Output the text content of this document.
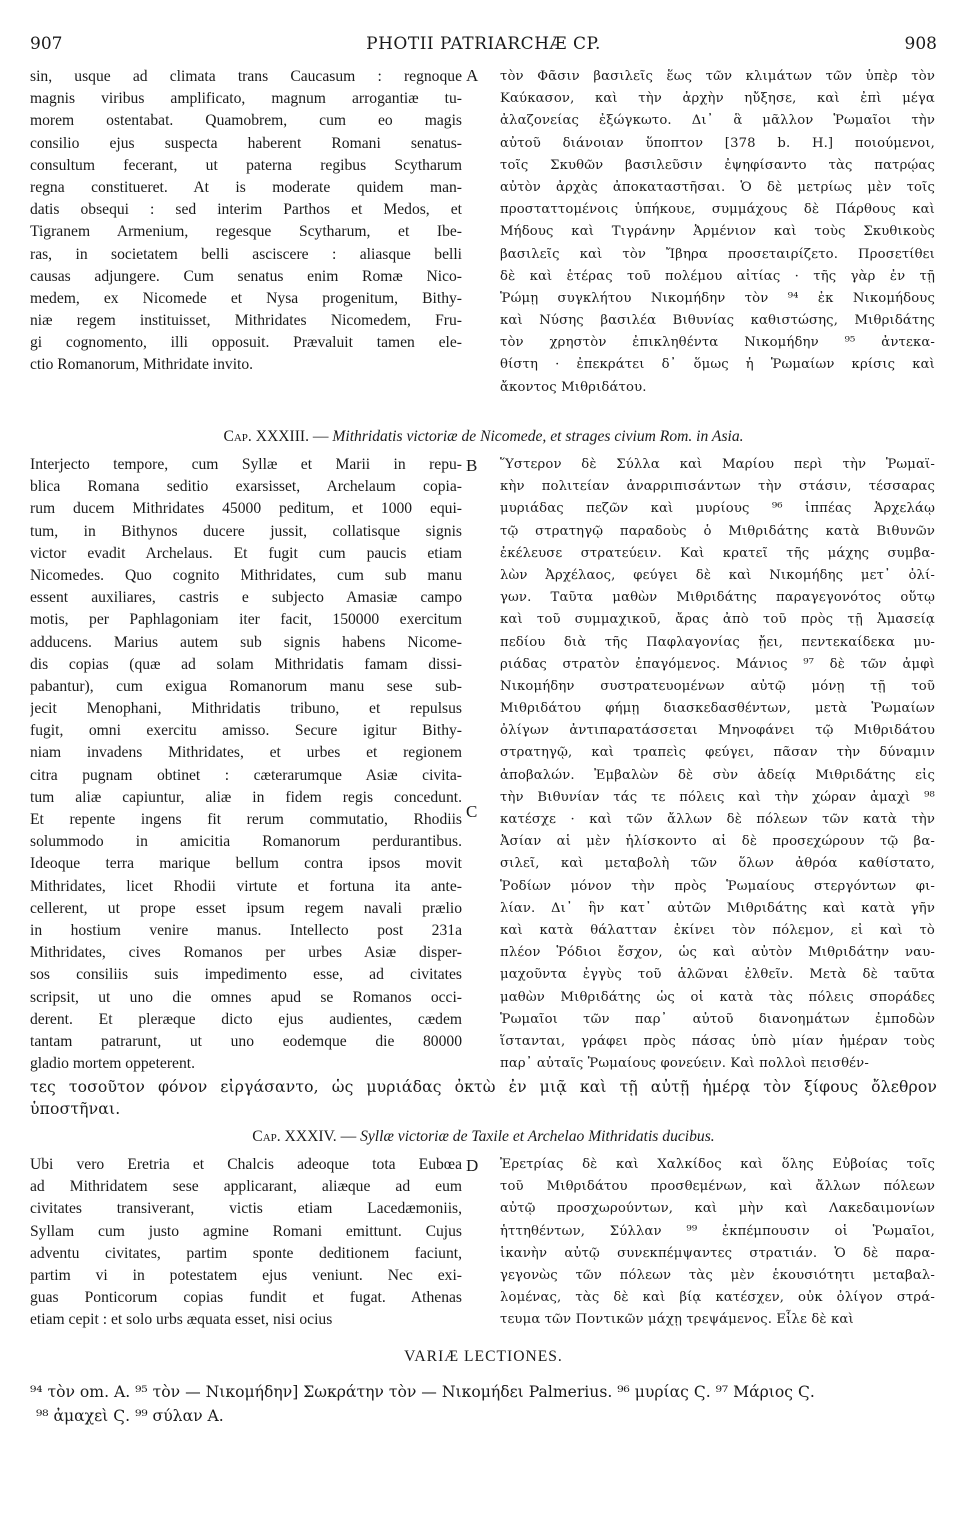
907	PHOTII PATRIARCHÆ CP.	908
sin, usque ad climata trans Caucasum : regnoque
magnis viribus amplificato, magnum arrogantiæ tu-
morem ostentabat. Quamobrem, cum eo magis
consilio ejus suspecta haberent Romani senatus-
consultum fecerant, ut paterna regibus Scytharum
regna constitueret. At is moderate quidem man-
datis obsequi : sed interim Parthos et Medos, et
Tigranem Armenium, regesque Scytharum, et Ibe-
ras, in societatem belli asciscere : aliasque belli
causas adjungere. Cum senatus enim Romæ Nico-
medem, ex Nicomede et Nysa progenitum, Bithy-
niæ regem instituisset, Mithridates Nicomedem, Fru-
gi cognomento, illi opposuit. Prævaluit tamen ele-
ctio Romanorum, Mithridate invito.
τὸν Φᾶσιν βασιλεῖς ἕως τῶν κλιμάτων τῶν ὑπὲρ τὸν
Καύκασον, καὶ τὴν ἀρχὴν ηὔξησε, καὶ ἐπὶ μέγα
ἀλαζονείας ἐξώγκωτο. Δι᾽ ἃ μᾶλλον Ῥωμαῖοι τὴν
αὐτοῦ διάνοιαν ὕποπτον [378 b. H.] ποιούμενοι,
τοῖς Σκυθῶν βασιλεῦσιν ἐψηφίσαντο τὰς πατρῴας
αὐτὸν ἀρχὰς ἀποκαταστῆσαι. Ὁ δὲ μετρίως μὲν τοῖς
προσταττομένοις ὑπήκουε, συμμάχους δὲ Πάρθους καὶ
Μήδους καὶ Τιγράνην Ἀρμένιον καὶ τοὺς Σκυθικοὺς
βασιλεῖς καὶ τὸν Ἴβηρα προσεταιρίζετο. Προσετίθει
δὲ καὶ ἑτέρας τοῦ πολέμου αἰτίας · τῆς γὰρ ἐν τῇ
Ῥώμῃ συγκλήτου Νικομήδην τὸν ⁹⁴ ἐκ Νικομήδους
καὶ Νύσης βασιλέα Βιθυνίας καθιστώσης, Μιθριδάτης
τὸν χρηστὸν ἐπικληθέντα Νικομήδην ⁹⁵ ἀντεκα-
θίστη · ἐπεκράτει δ᾽ ὅμως ἡ Ῥωμαίων κρίσις καὶ
ἄκοντος Μιθριδάτου.
A
Cap. XXXIII. — Mithridatis victoriæ de Nicomede, et strages civium Rom. in Asia.
Interjecto tempore, cum Syllæ et Marii in repu-
blica Romana seditio exarsisset, Archelaum copia-
rum ducem Mithridates 45000 peditum, et 1000 equi-
tum, in Bithynos ducere jussit, collatisque signis
victor evadit Archelaus. Et fugit cum paucis etiam
Nicomedes. Quo cognito Mithridates, cum sub manu
essent auxiliares, castris e subjecto Amasiæ campo
motis, per Paphlagoniam iter facit, 150000 exercitum
adducens. Marius autem sub signis habens Nicome-
dis copias (quæ ad solam Mithridatis famam dissi-
pabantur), cum exigua Romanorum manu sese sub-
jecit Menophani, Mithridatis tribuno, et repulsus
fugit, omni exercitu amisso. Secure igitur Bithy-
niam invadens Mithridates, et urbes et regionem
citra pugnam obtinet : cæterarumque Asiæ civita-
tum aliæ capiuntur, aliæ in fidem regis concedunt.
Et repente ingens fit rerum commutatio, Rhodiis
solummodo in amicitia Romanorum perdurantibus.
Ideoque terra marique bellum contra ipsos movit
Mithridates, licet Rhodii virtute et fortuna ita ante-
cellerent, ut prope esset ipsum regem navali prælio
in hostium venire manus. Intellecto post 231a
Mithridates, cives Romanos per urbes Asiæ disper-
sos consiliis suis impedimento esse, ad civitates
scripsit, ut uno die omnes apud se Romanos occi-
derent. Et pleræque dicto ejus audientes, cædem
tantam patrarunt, ut uno eodemque die 80000
gladio mortem oppeterent.
Ὕστερον δὲ Σύλλα καὶ Μαρίου περὶ τὴν Ῥωμαϊ-
κὴν πολιτείαν ἀναρριπισάντων τὴν στάσιν, τέσσαρας
μυριάδας πεζῶν καὶ μυρίους ⁹⁶ ἱππέας Ἀρχελάῳ
τῷ στρατηγῷ παραδοὺς ὁ Μιθριδάτης κατὰ Βιθυνῶν
ἐκέλευσε στρατεύειν. Καὶ κρατεῖ τῆς μάχης συμβα-
λὼν Ἀρχέλαος, φεύγει δὲ καὶ Νικομήδης μετ᾽ ὀλί-
γων. Ταῦτα μαθὼν Μιθριδάτης παραγεγονότος οὕτῳ
καὶ τοῦ συμμαχικοῦ, ἄρας ἀπὸ τοῦ πρὸς τῇ Ἀμασείᾳ
πεδίου διὰ τῆς Παφλαγονίας ᾔει, πεντεκαίδεκα μυ-
ριάδας στρατὸν ἐπαγόμενος. Μάνιος ⁹⁷ δὲ τῶν ἀμφὶ
Νικομήδην συστρατευομένων αὐτῷ μόνῃ τῇ τοῦ
Μιθριδάτου φήμῃ διασκεδασθέντων, μετὰ Ῥωμαίων
ὀλίγων ἀντιπαρατάσσεται Μηνοφάνει τῷ Μιθριδάτου
στρατηγῷ, καὶ τραπεὶς φεύγει, πᾶσαν τὴν δύναμιν
ἀποβαλών. Ἐμβαλὼν δὲ σὺν ἀδείᾳ Μιθριδάτης εἰς
τὴν Βιθυνίαν τάς τε πόλεις καὶ τὴν χώραν ἀμαχὶ ⁹⁸
κατέσχε · καὶ τῶν ἄλλων δὲ πόλεων τῶν κατὰ τὴν
Ἀσίαν αἱ μὲν ἡλίσκοντο αἱ δὲ προσεχώρουν τῷ βα-
σιλεῖ, καὶ μεταβολὴ τῶν ὅλων ἀθρόα καθίστατο,
Ῥοδίων μόνον τὴν πρὸς Ῥωμαίους στεργόντων φι-
λίαν. Δι᾽ ἣν κατ᾽ αὐτῶν Μιθριδάτης καὶ κατὰ γῆν
καὶ κατὰ θάλατταν ἐκίνει τὸν πόλεμον, εἰ καὶ τὸ
πλέον Ῥόδιοι ἔσχον, ὡς καὶ αὐτὸν Μιθριδάτην ναυ-
μαχοῦντα ἐγγὺς τοῦ ἁλῶναι ἐλθεῖν. Μετὰ δὲ ταῦτα
μαθὼν Μιθριδάτης ὡς οἱ κατὰ τὰς πόλεις σποράδες
Ῥωμαῖοι τῶν παρ᾽ αὐτοῦ διανοημάτων ἐμποδὼν
ἵστανται, γράφει πρὸς πάσας ὑπὸ μίαν ἡμέραν τοὺς
παρ᾽ αὐταῖς Ῥωμαίους φονεύειν. Καὶ πολλοὶ πεισθέν-
B
C
τες τοσοῦτον φόνον εἰργάσαντο, ὡς μυριάδας ὀκτὼ ἐν μιᾷ καὶ τῇ αὐτῇ ἡμέρᾳ τὸν ξίφους ὄλεθρον
ὑποστῆναι.
Cap. XXXIV. — Syllæ victoriæ de Taxile et Archelao Mithridatis ducibus.
Ubi vero Eretria et Chalcis adeoque tota Eubœa
ad Mithridatem sese applicarant, aliæque ad eum
civitates transiverant, victis etiam Lacedæmoniis,
Syllam cum justo agmine Romani emittunt. Cujus
adventu civitates, partim sponte deditionem faciunt,
partim vi in potestatem ejus veniunt. Nec exi-
guas Ponticorum copias fundit et fugat. Athenas
etiam cepit : et solo urbs æquata esset, nisi ocius
Ἐρετρίας δὲ καὶ Χαλκίδος καὶ ὅλης Εὐβοίας τοῖς
τοῦ Μιθριδάτου προσθεμένων, καὶ ἄλλων πόλεων
αὐτῷ προσχωρούντων, καὶ μὴν καὶ Λακεδαιμονίων
ἡττηθέντων, Σύλλαν ⁹⁹ ἐκπέμπουσιν οἱ Ῥωμαῖοι,
ἱκανὴν αὐτῷ συνεκπέμψαντες στρατιάν. Ὁ δὲ παρα-
γεγονὼς τῶν πόλεων τὰς μὲν ἑκουσιότητι μεταβαλ-
λομένας, τὰς δὲ καὶ βίᾳ κατέσχεν, οὐκ ὀλίγον στρά-
τευμα τῶν Ποντικῶν μάχῃ τρεψάμενος. Εἷλε δὲ καὶ
D
VARIÆ LECTIONES.
⁹⁴ τὸν om. A. ⁹⁵ τὸν — Νικομήδην] Σωκράτην τὸν — Νικομήδει Palmerius. ⁹⁶ μυρίας Ϛ. ⁹⁷ Μάριος Ϛ.
⁹⁸ ἀμαχεὶ Ϛ. ⁹⁹ σύλαν A.
